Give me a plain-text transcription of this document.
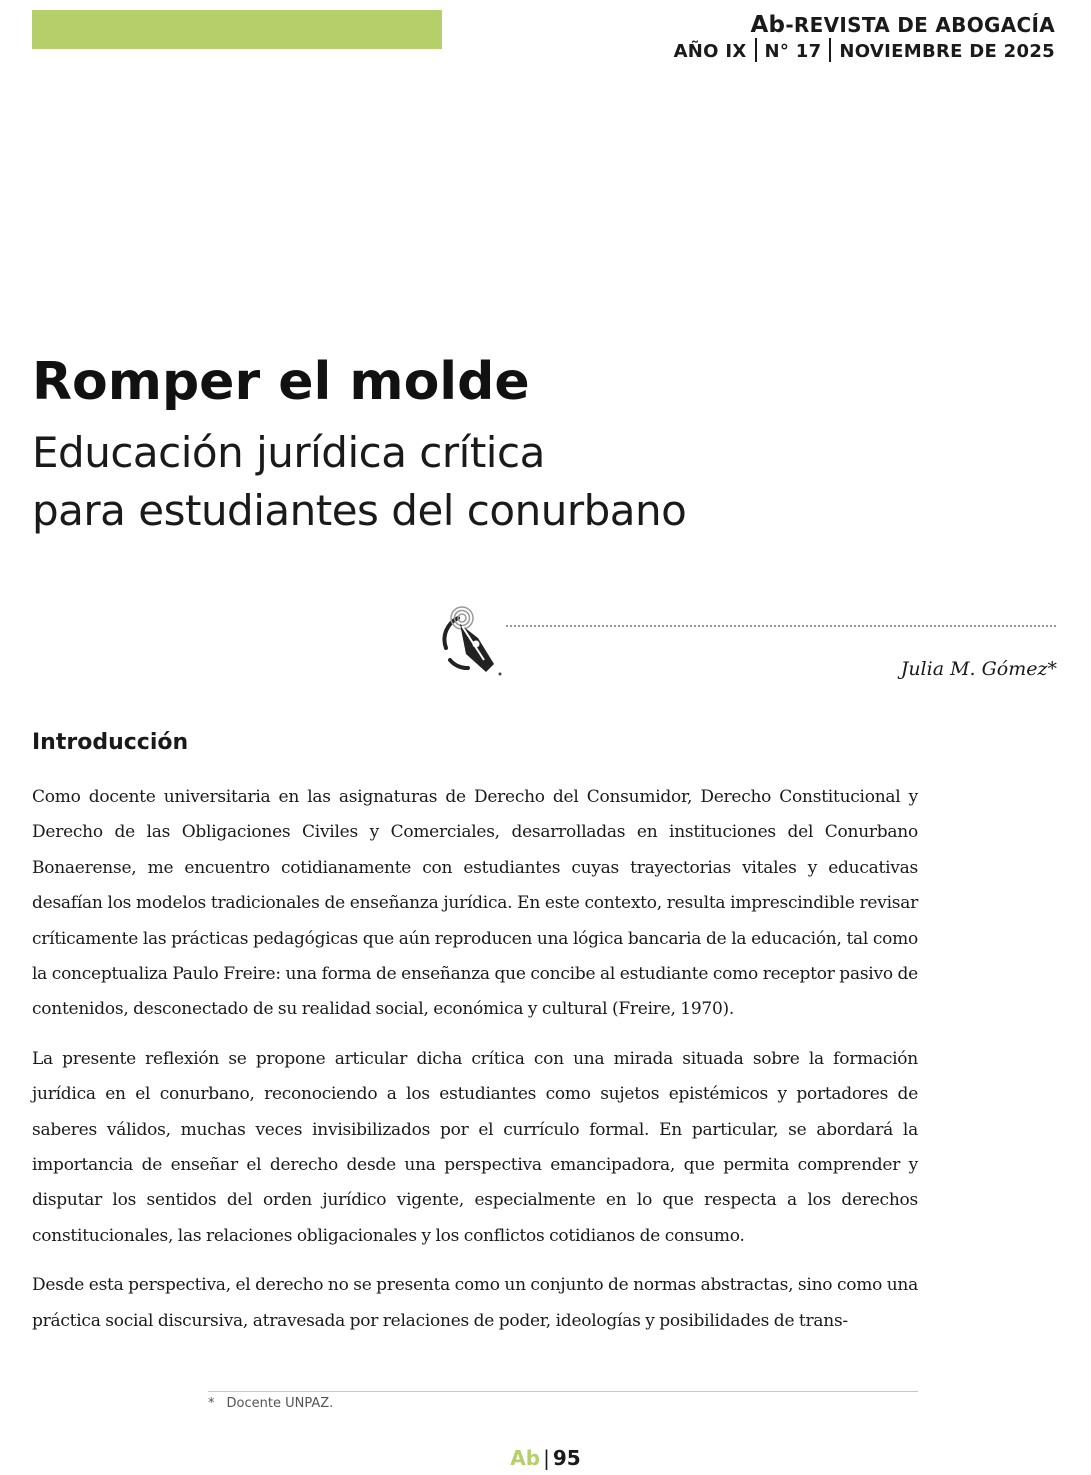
Ab-REVISTA DE ABOGACÍA
AÑO IX N° 17 NOVIEMBRE DE 2025
Romper el molde
Educación jurídica crítica
para estudiantes del conurbano
Julia M. Gómez*
Introducción

Como docente universitaria en las asignaturas de Derecho del Consumidor, Derecho Constitucional y Derecho de las Obligaciones Civiles y Comerciales, desarrolladas en instituciones del Conurbano Bonaerense, me encuentro cotidianamente con estudiantes cuyas trayectorias vitales y educativas desafían los modelos tradicionales de enseñanza jurídica. En este contexto, resulta imprescindible revisar críticamente las prácticas pedagógicas que aún reproducen una lógica bancaria de la educación, tal como la conceptualiza Paulo Freire: una forma de enseñanza que concibe al estudiante como receptor pasivo de contenidos, desconectado de su realidad social, económica y cultural (Freire, 1970).

La presente reflexión se propone articular dicha crítica con una mirada situada sobre la formación jurídica en el conurbano, reconociendo a los estudiantes como sujetos epistémicos y portadores de saberes válidos, muchas veces invisibilizados por el currículo formal. En particular, se abordará la importancia de enseñar el derecho desde una perspectiva emancipadora, que permita comprender y disputar los sentidos del orden jurídico vigente, especialmente en lo que respecta a los derechos constitucionales, las relaciones obligacionales y los conflictos cotidianos de consumo.

Desde esta perspectiva, el derecho no se presenta como un conjunto de normas abstractas, sino como una práctica social discursiva, atravesada por relaciones de poder, ideologías y posibilidades de trans-

* Docente UNPAZ.
Ab | 95
